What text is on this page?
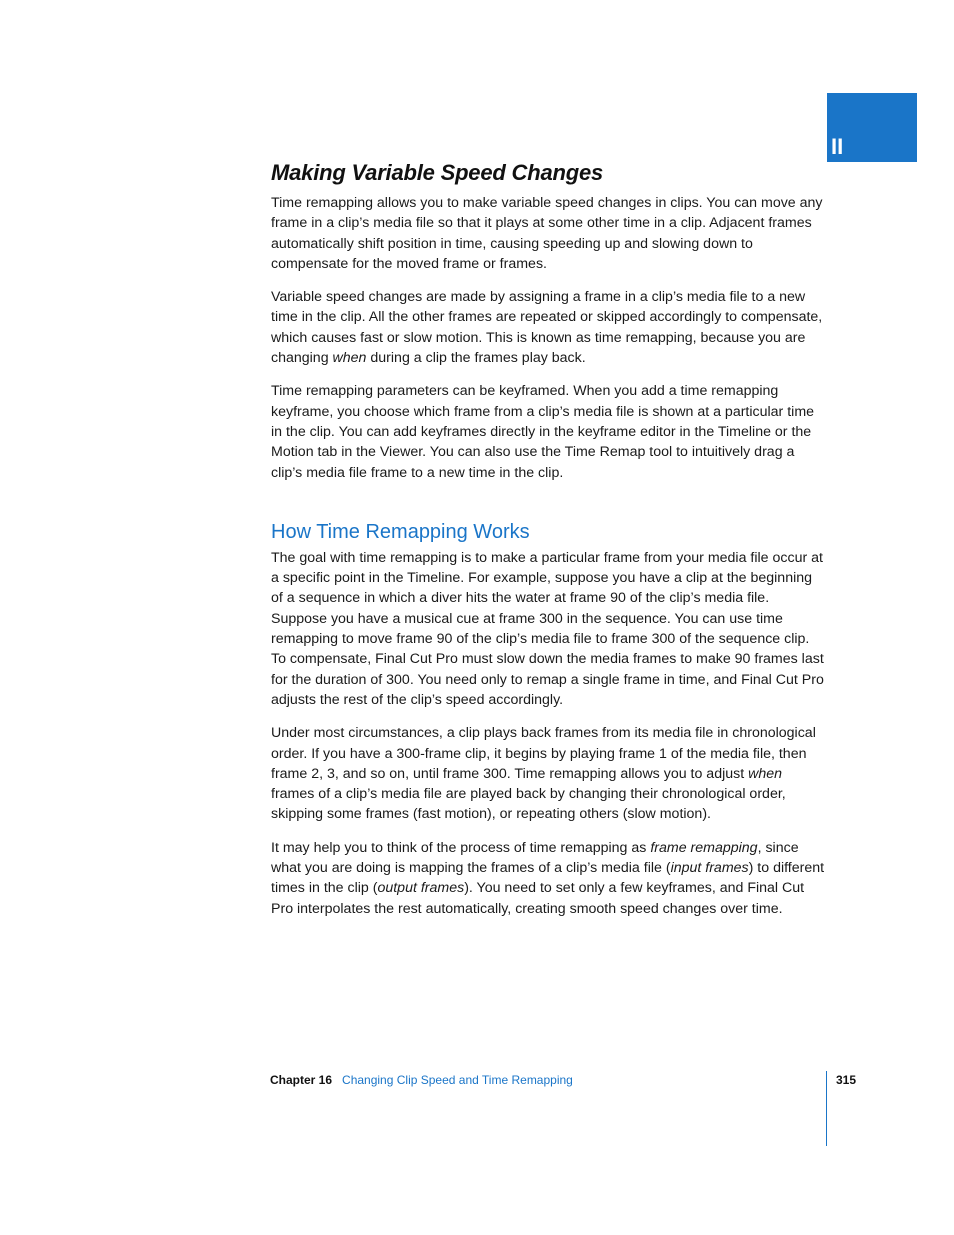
II
Making Variable Speed Changes

Time remapping allows you to make variable speed changes in clips. You can move any frame in a clip’s media file so that it plays at some other time in a clip. Adjacent frames automatically shift position in time, causing speeding up and slowing down to compensate for the moved frame or frames.

Variable speed changes are made by assigning a frame in a clip’s media file to a new time in the clip. All the other frames are repeated or skipped accordingly to compensate, which causes fast or slow motion. This is known as time remapping, because you are changing when during a clip the frames play back.

Time remapping parameters can be keyframed. When you add a time remapping keyframe, you choose which frame from a clip’s media file is shown at a particular time in the clip. You can add keyframes directly in the keyframe editor in the Timeline or the Motion tab in the Viewer. You can also use the Time Remap tool to intuitively drag a clip’s media file frame to a new time in the clip.

How Time Remapping Works

The goal with time remapping is to make a particular frame from your media file occur at a specific point in the Timeline. For example, suppose you have a clip at the beginning of a sequence in which a diver hits the water at frame 90 of the clip’s media file. Suppose you have a musical cue at frame 300 in the sequence. You can use time remapping to move frame 90 of the clip’s media file to frame 300 of the sequence clip. To compensate, Final Cut Pro must slow down the media frames to make 90 frames last for the duration of 300. You need only to remap a single frame in time, and Final Cut Pro adjusts the rest of the clip’s speed accordingly.

Under most circumstances, a clip plays back frames from its media file in chronological order. If you have a 300-frame clip, it begins by playing frame 1 of the media file, then frame 2, 3, and so on, until frame 300. Time remapping allows you to adjust when frames of a clip’s media file are played back by changing their chronological order, skipping some frames (fast motion), or repeating others (slow motion).

It may help you to think of the process of time remapping as frame remapping, since what you are doing is mapping the frames of a clip’s media file (input frames) to different times in the clip (output frames). You need to set only a few keyframes, and Final Cut Pro interpolates the rest automatically, creating smooth speed changes over time.

Chapter 16 Changing Clip Speed and Time Remapping	315
